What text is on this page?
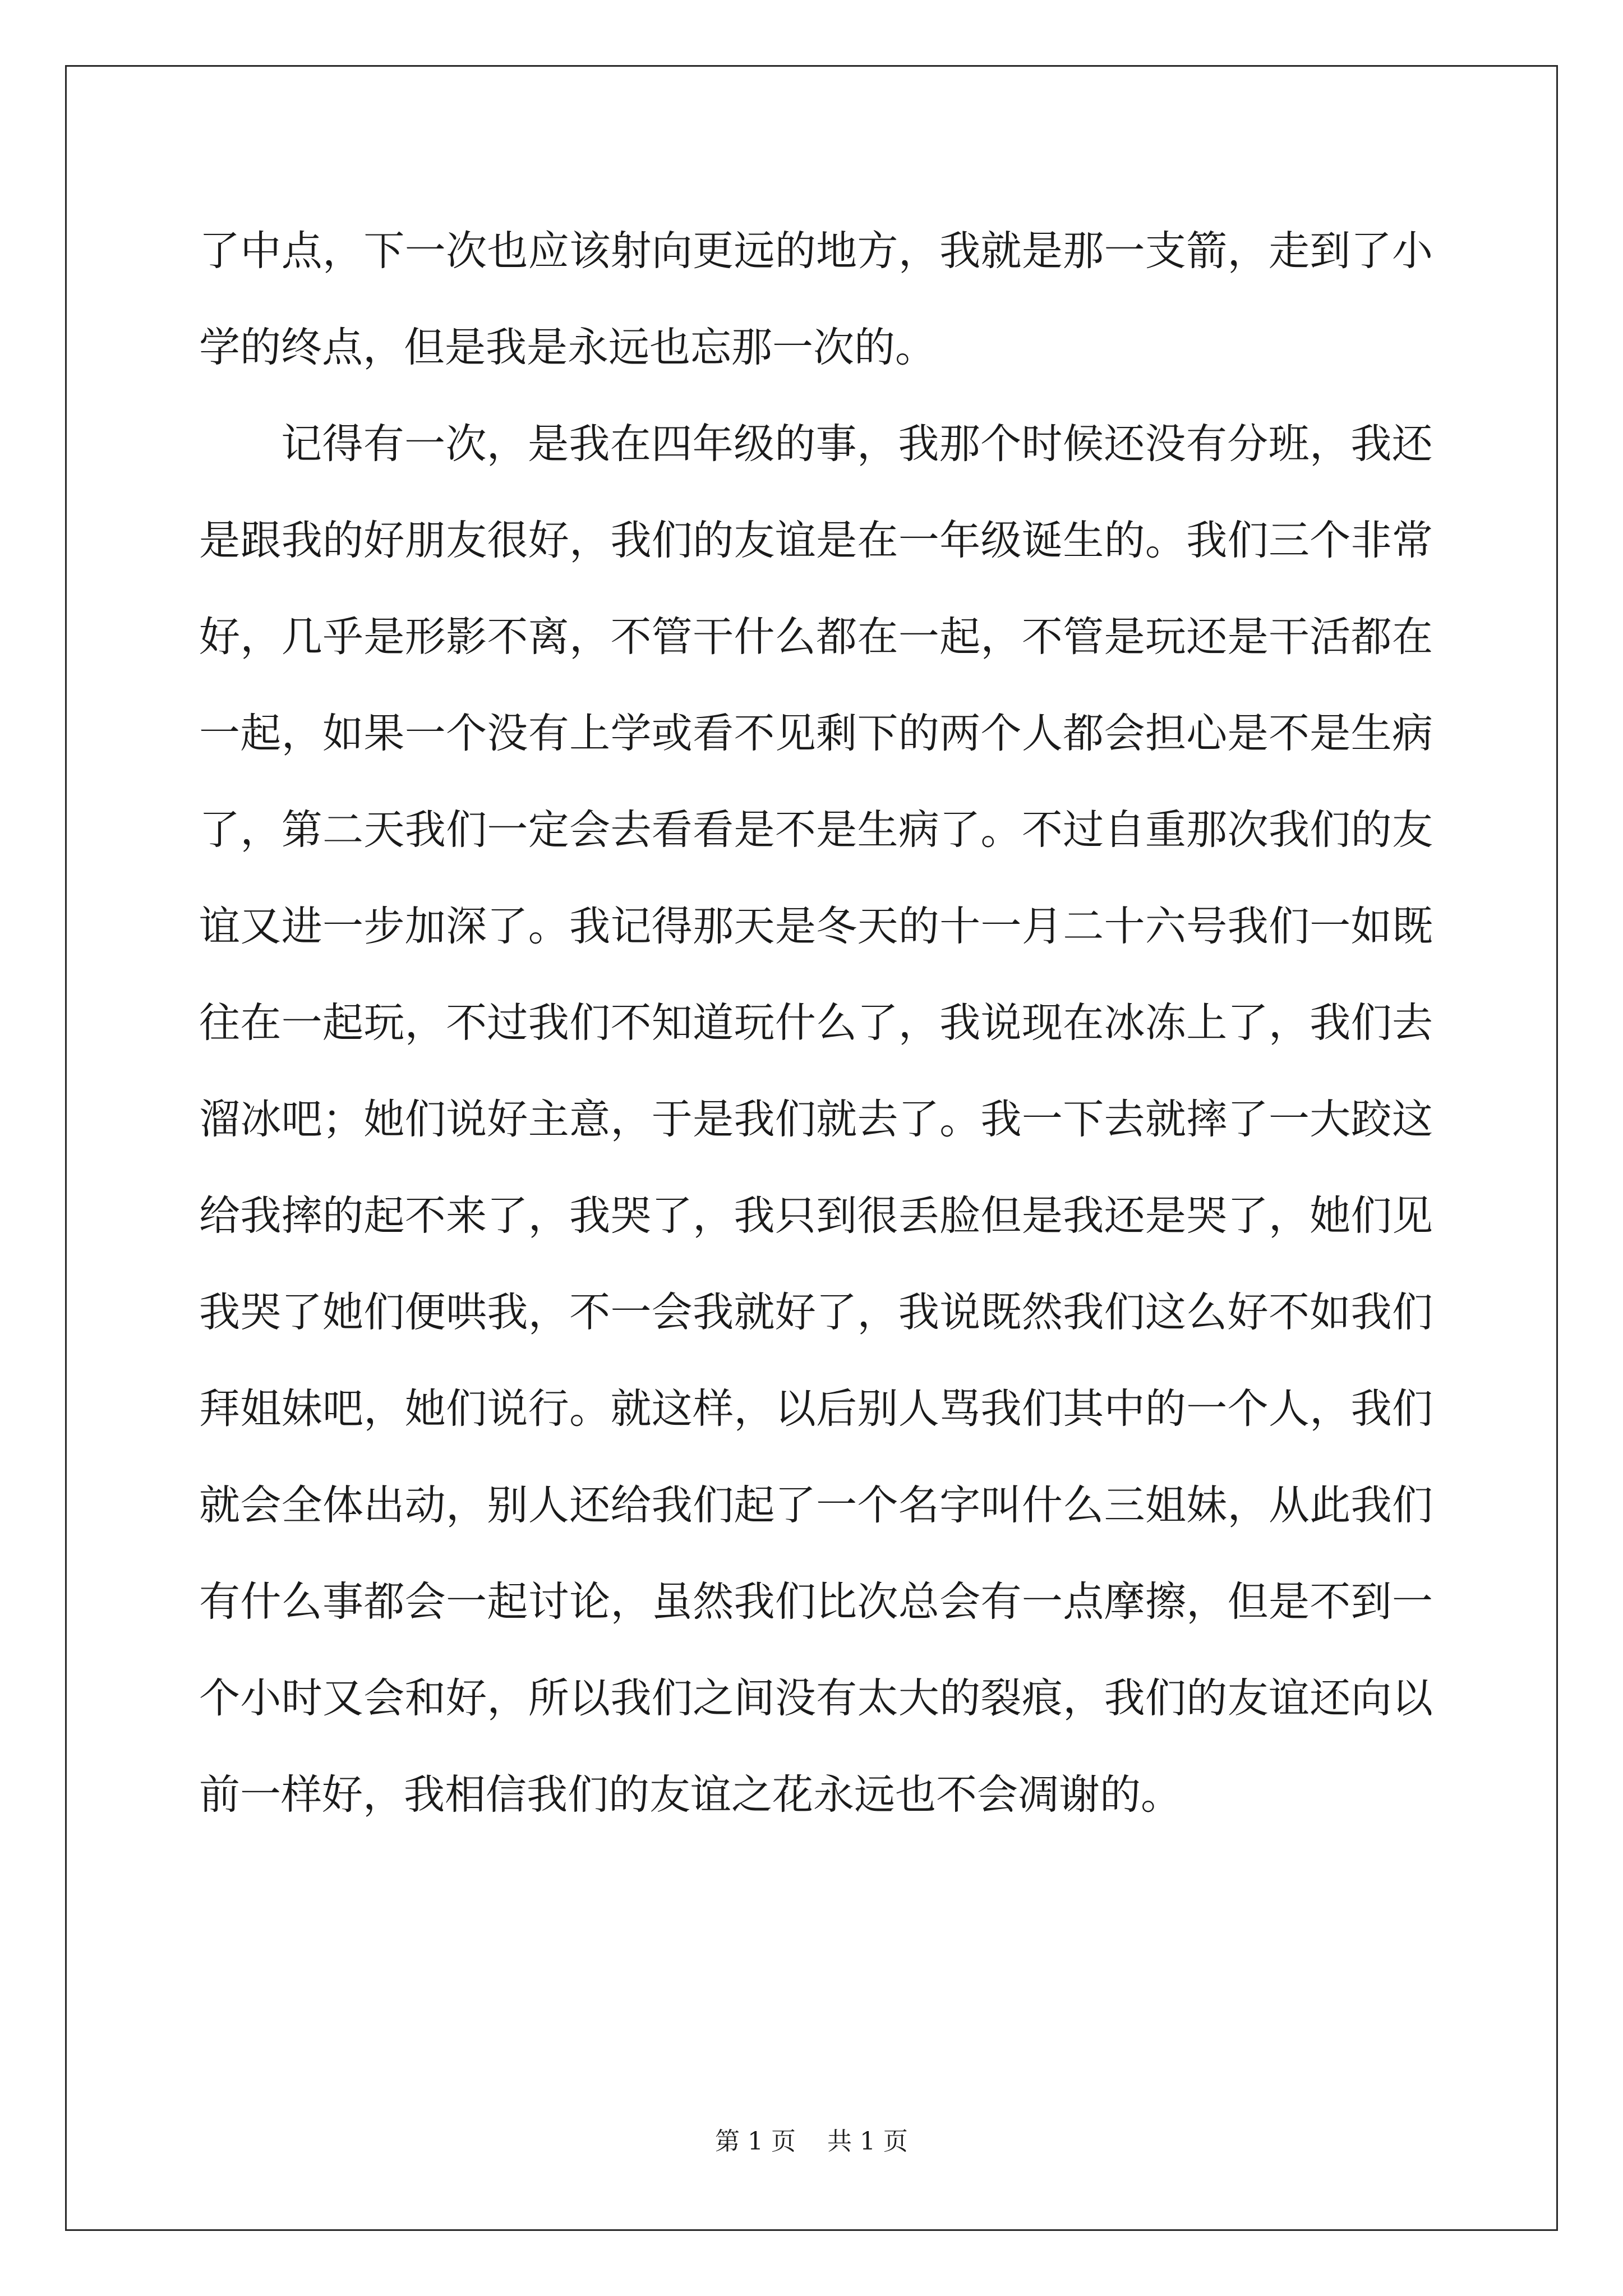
了 中 点 ， 下 一 次 也 应 该 射 向 更 远 的 地 方 ， 我 就 是 那 一 支 箭 ， 走 到 了 小
学的终点，但是我是永远也忘那一次的。
记 得 有 一 次 ， 是 我 在 四 年 级 的 事 ， 我 那 个 时 候 还 没 有 分 班 ， 我 还
是 跟 我 的 好 朋 友 很 好 ， 我 们 的 友 谊 是 在 一 年 级 诞 生 的 。 我 们 三 个 非 常
好 ， 几 乎 是 形 影 不 离 ， 不 管 干 什 么 都 在 一 起 ， 不 管 是 玩 还 是 干 活 都 在
一 起 ， 如 果 一 个 没 有 上 学 或 看 不 见 剩 下 的 两 个 人 都 会 担 心 是 不 是 生 病
了 ， 第 二 天 我 们 一 定 会 去 看 看 是 不 是 生 病 了 。 不 过 自 重 那 次 我 们 的 友
谊 又 进 一 步 加 深 了 。 我 记 得 那 天 是 冬 天 的 十 一 月 二 十 六 号 我 们 一 如 既
往 在 一 起 玩 ， 不 过 我 们 不 知 道 玩 什 么 了 ， 我 说 现 在 冰 冻 上 了 ， 我 们 去
溜 冰 吧 ； 她 们 说 好 主 意 ， 于 是 我 们 就 去 了 。 我 一 下 去 就 摔 了 一 大 跤 这
给 我 摔 的 起 不 来 了 ， 我 哭 了 ， 我 只 到 很 丢 脸 但 是 我 还 是 哭 了 ， 她 们 见
我 哭 了 她 们 便 哄 我 ， 不 一 会 我 就 好 了 ， 我 说 既 然 我 们 这 么 好 不 如 我 们
拜 姐 妹 吧 ， 她 们 说 行 。 就 这 样 ， 以 后 别 人 骂 我 们 其 中 的 一 个 人 ， 我 们
就 会 全 体 出 动 ， 别 人 还 给 我 们 起 了 一 个 名 字 叫 什 么 三 姐 妹 ， 从 此 我 们
有 什 么 事 都 会 一 起 讨 论 ， 虽 然 我 们 比 次 总 会 有 一 点 摩 擦 ， 但 是 不 到 一
个 小 时 又 会 和 好 ， 所 以 我 们 之 间 没 有 太 大 的 裂 痕 ， 我 们 的 友 谊 还 向 以
前一样好，我相信我们的友谊之花永远也不会凋谢的。
第 1 页    共 1 页
